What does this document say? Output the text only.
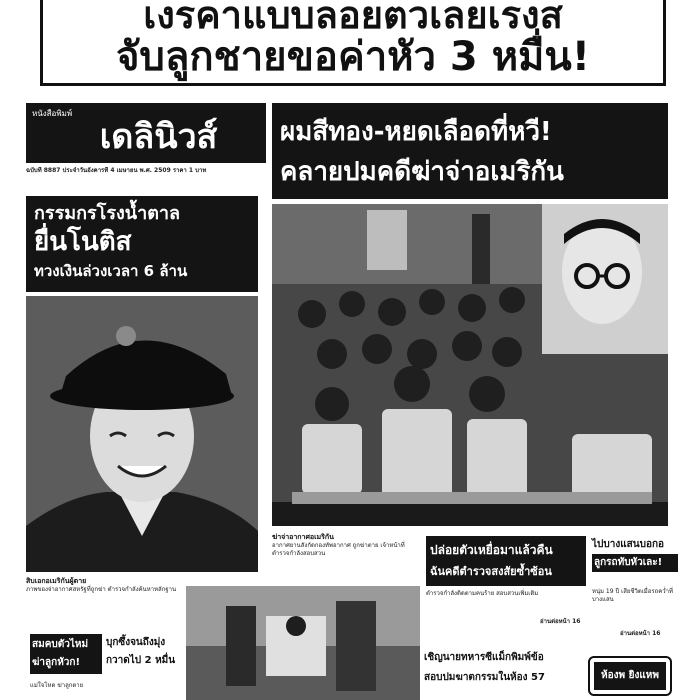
เงรคาแบบลอยตวเลยเรงส
จับลูกชายขอค่าหัว 3 หมื่น!
หนังสือพิมพ์
เดลินิวส์
ฉบับที่ 8887 ประจำวันอังคารที่ 4 เมษายน พ.ศ. 2509 ราคา 1 บาท
ผมสีทอง-หยดเลือดที่หวี!
คลายปมคดีฆ่าจ่าอเมริกัน
กรรมกรโรงน้ำตาล
ยื่นโนติส
ทวงเงินล่วงเวลา 6 ล้าน
ฆ่าจ่าอากาศอเมริกัน
อากาศยานสังกัดกองทัพอากาศ ถูกฆ่าตาย เจ้าหน้าที่ตำรวจกำลังสอบสวน
สิบเอกอเมริกันผู้ตาย
ภาพของจ่าอากาศสหรัฐที่ถูกฆ่า ตำรวจกำลังค้นหาหลักฐาน
ปล่อยตัวเหยื่อมาแล้วคืน
ฉันคดีตำรวจสงสัยซ้ำซ้อน
ตำรวจกำลังติดตามคนร้าย สอบสวนเพิ่มเติม
อ่านต่อหน้า 16
ไปบางแสนบอกอ
ลูกรถทับหัวเละ!
หนุ่ม 19 ปี เสียชีวิตเมื่อรถคว่ำที่บางแสน
อ่านต่อหน้า 16
สมคบตัวไหม่
ฆ่าลูกหัวก!
แม่ใจโหด ฆ่าลูกตาย
บุกซึ้งจนถึงมุ่ง
กวาดไป 2 หมื่น	เชิญนายทหารซีแม็กพิมพ์ข้อ
สอบปมฆาตกรรมในห้อง 57	ห้องพ ยิงแหพ
